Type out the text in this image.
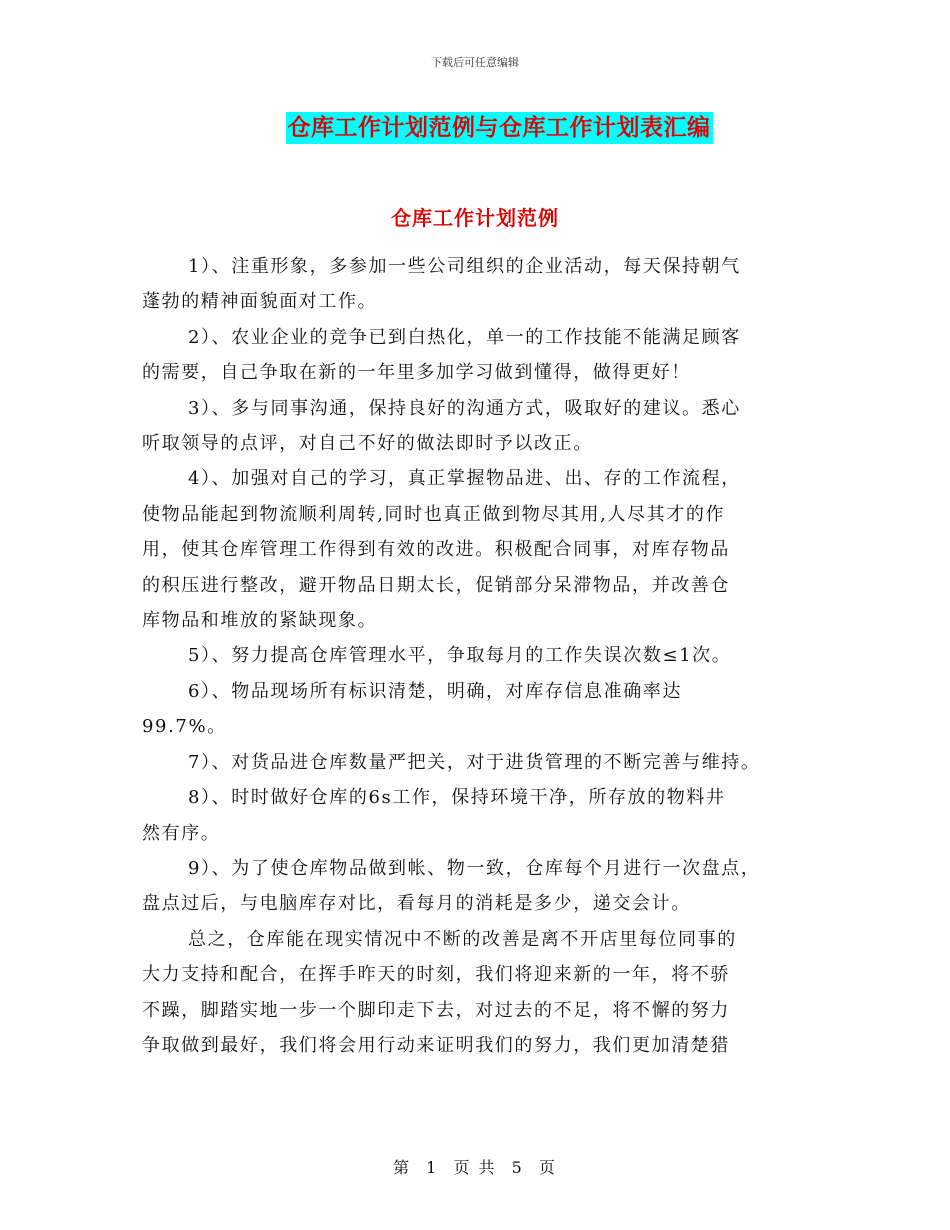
下载后可任意编辑
仓库工作计划范例与仓库工作计划表汇编
仓库工作计划范例

1）、注重形象，多参加一些公司组织的企业活动，每天保持朝气
蓬勃的精神面貌面对工作。

2）、农业企业的竞争已到白热化，单一的工作技能不能满足顾客
的需要，自己争取在新的一年里多加学习做到懂得，做得更好！

3）、多与同事沟通，保持良好的沟通方式，吸取好的建议。悉心
听取领导的点评，对自己不好的做法即时予以改正。

4）、加强对自己的学习，真正掌握物品进、出、存的工作流程，
使物品能起到物流顺利周转,同时也真正做到物尽其用,人尽其才的作
用，使其仓库管理工作得到有效的改进。积极配合同事，对库存物品
的积压进行整改，避开物品日期太长，促销部分呆滞物品，并改善仓
库物品和堆放的紧缺现象。

5）、努力提高仓库管理水平，争取每月的工作失误次数≤1次。

6）、物品现场所有标识清楚，明确，对库存信息准确率达
99.7%。

7）、对货品进仓库数量严把关，对于进货管理的不断完善与维持。

8）、时时做好仓库的6s工作，保持环境干净，所存放的物料井
然有序。

9）、为了使仓库物品做到帐、物一致，仓库每个月进行一次盘点，
盘点过后，与电脑库存对比，看每月的消耗是多少，递交会计。

总之，仓库能在现实情况中不断的改善是离不开店里每位同事的
大力支持和配合，在挥手昨天的时刻，我们将迎来新的一年，将不骄
不躁，脚踏实地一步一个脚印走下去，对过去的不足，将不懈的努力
争取做到最好，我们将会用行动来证明我们的努力，我们更加清楚猎

第 1 页 共 5 页
